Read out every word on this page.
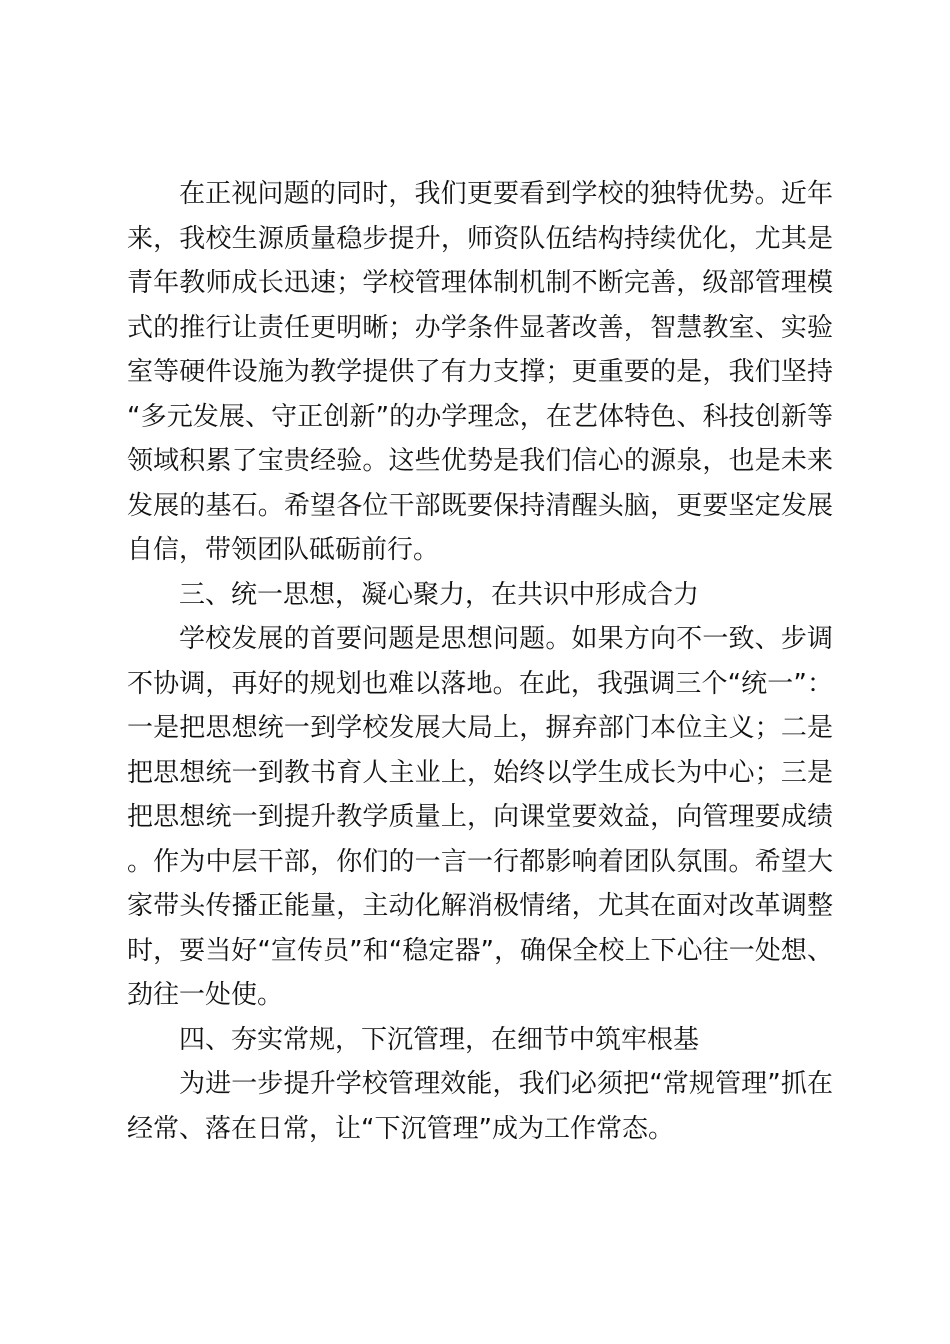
在正视问题的同时，我们更要看到学校的独特优势。近年来，我校生源质量稳步提升，师资队伍结构持续优化，尤其是青年教师成长迅速；学校管理体制机制不断完善，级部管理模式的推行让责任更明晰；办学条件显著改善，智慧教室、实验室等硬件设施为教学提供了有力支撑；更重要的是，我们坚持“多元发展、守正创新”的办学理念，在艺体特色、科技创新等领域积累了宝贵经验。这些优势是我们信心的源泉，也是未来发展的基石。希望各位干部既要保持清醒头脑，更要坚定发展自信，带领团队砥砺前行。

三、统一思想，凝心聚力，在共识中形成合力

学校发展的首要问题是思想问题。如果方向不一致、步调不协调，再好的规划也难以落地。在此，我强调三个“统一”：一是把思想统一到学校发展大局上，摒弃部门本位主义；二是把思想统一到教书育人主业上，始终以学生成长为中心；三是把思想统一到提升教学质量上，向课堂要效益，向管理要成绩。作为中层干部，你们的一言一行都影响着团队氛围。希望大家带头传播正能量，主动化解消极情绪，尤其在面对改革调整时，要当好“宣传员”和“稳定器”，确保全校上下心往一处想、劲往一处使。

四、夯实常规，下沉管理，在细节中筑牢根基

为进一步提升学校管理效能，我们必须把“常规管理”抓在经常、落在日常，让“下沉管理”成为工作常态。
